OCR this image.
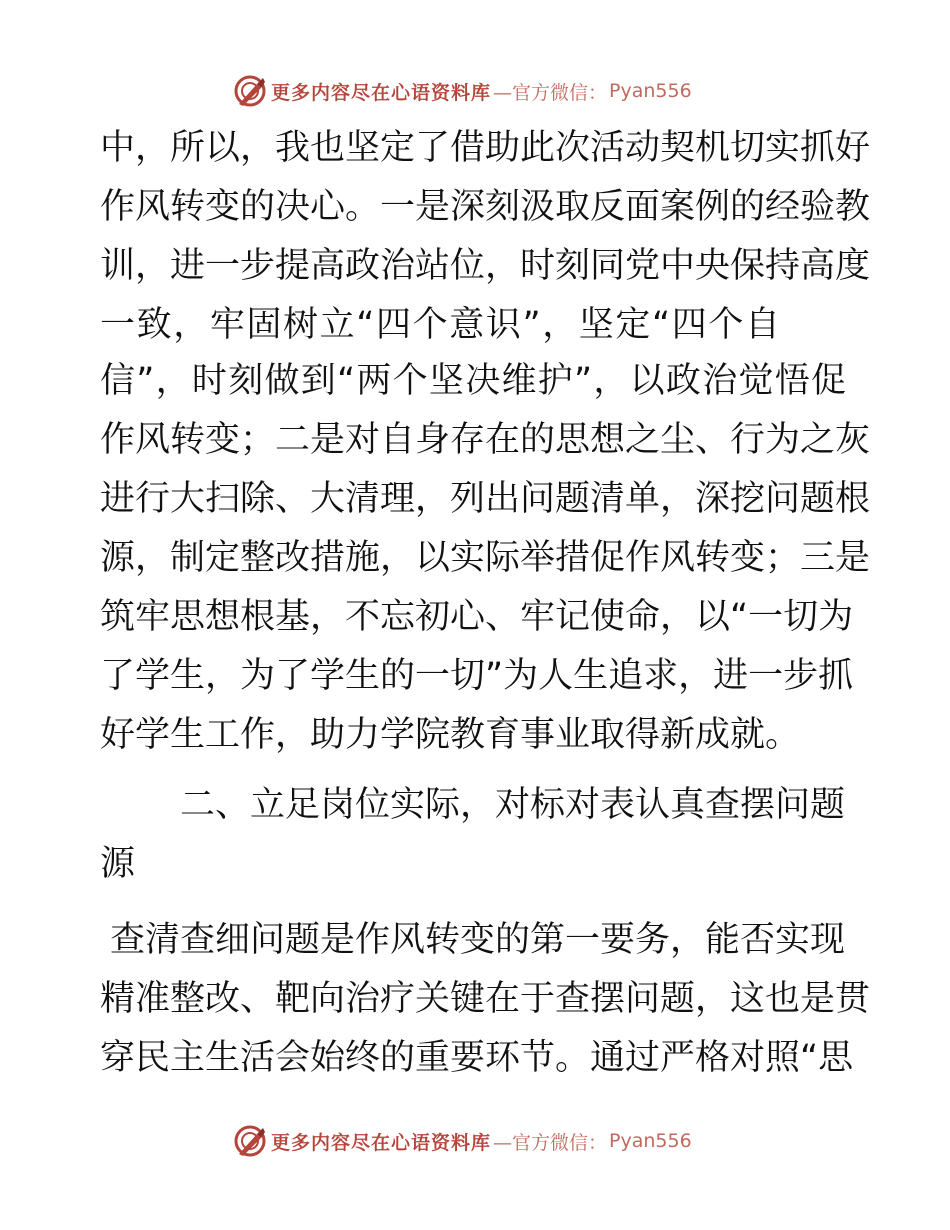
更多内容尽在心语资料库 —官方微信： Pyan556
中，所以，我也坚定了借助此次活动契机切实抓好
作风转变的决心。一是深刻汲取反面案例的经验教
训，进一步提高政治站位，时刻同党中央保持高度
一致，牢固树立“四个意识”，坚定“四个自
信”，时刻做到“两个坚决维护”，以政治觉悟促
作风转变；二是对自身存在的思想之尘、行为之灰
进行大扫除、大清理，列出问题清单，深挖问题根
源，制定整改措施，以实际举措促作风转变；三是
筑牢思想根基，不忘初心、牢记使命，以“一切为
了学生，为了学生的一切”为人生追求，进一步抓
好学生工作，助力学院教育事业取得新成就。
二、立足岗位实际，对标对表认真查摆问题
源
查清查细问题是作风转变的第一要务，能否实现
精准整改、靶向治疗关键在于查摆问题，这也是贯
穿民主生活会始终的重要环节。通过严格对照“思
更多内容尽在心语资料库 —官方微信： Pyan556
